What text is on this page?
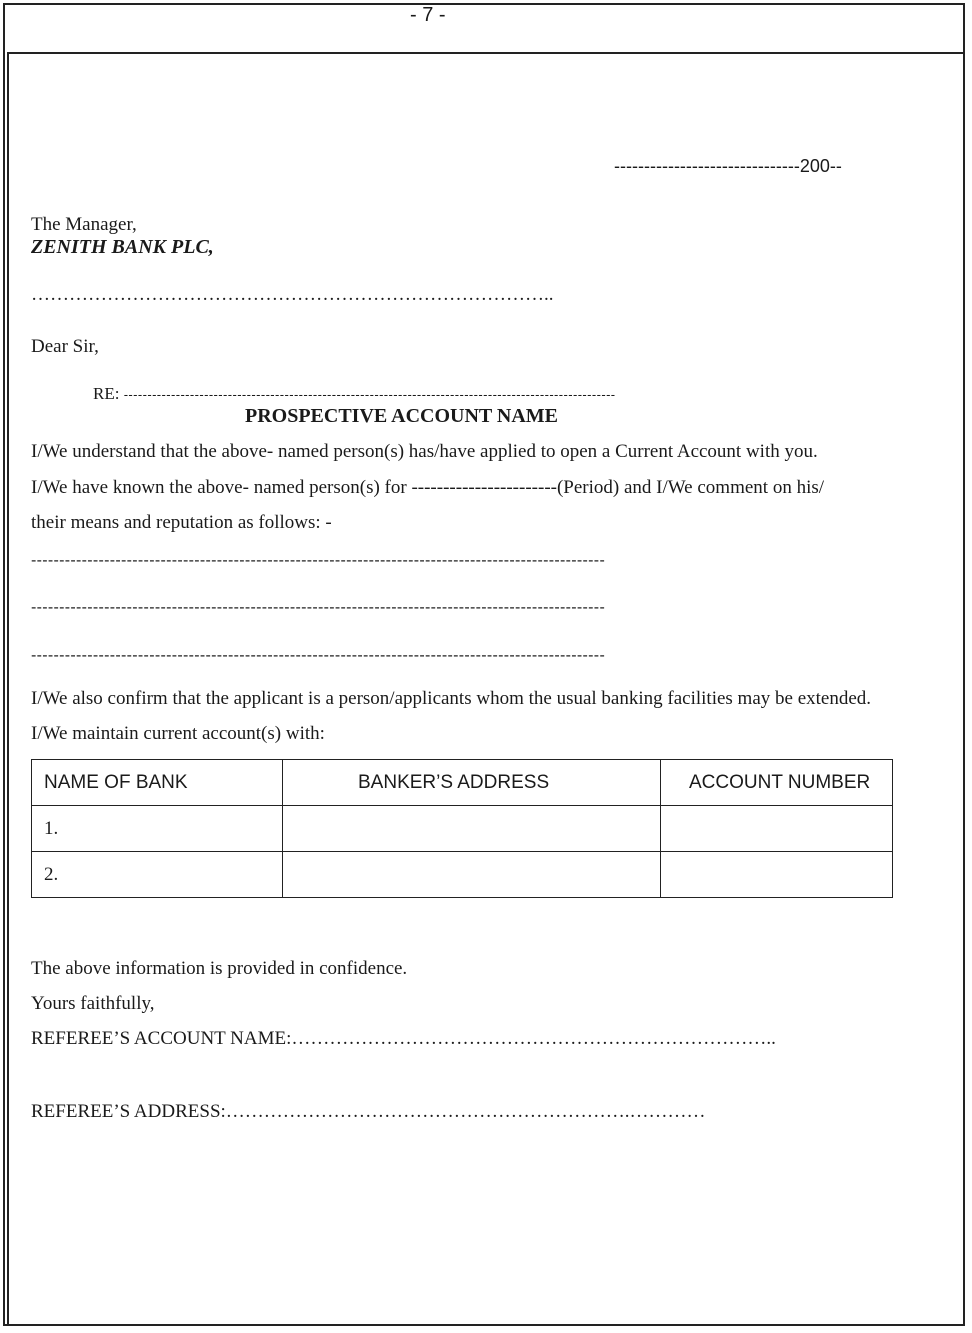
- 7 -
-------------------------------200--
The Manager,
ZENITH BANK PLC,
………………………………………………………………………..
Dear Sir,
RE: --------------------------------------------------------------------------------------------------------
PROSPECTIVE ACCOUNT NAME
I/We understand that the above- named person(s) has/have applied to open a Current Account with you.
I/We have known the above- named person(s) for -----------------------(Period) and I/We comment on his/
their means and reputation as follows: -
------------------------------------------------------------------------------------------------------
------------------------------------------------------------------------------------------------------
------------------------------------------------------------------------------------------------------
I/We also confirm that the applicant is a person/applicants whom the usual banking facilities may be extended.
I/We maintain current account(s) with:
NAME OF BANK	BANKER’S ADDRESS	ACCOUNT NUMBER
1.		
2.		
The above information is provided in confidence.
Yours faithfully,
REFEREE’S ACCOUNT NAME:…………………………………………………………………..
REFEREE’S ADDRESS:……………………………………………………….…………
